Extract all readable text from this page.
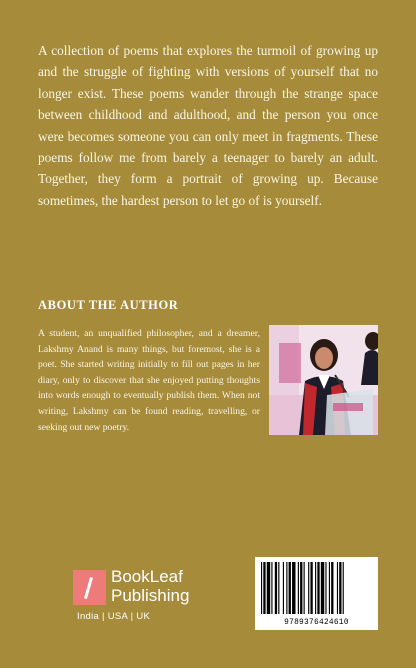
A collection of poems that explores the turmoil of growing up and the struggle of fighting with versions of yourself that no longer exist. These poems wander through the strange space between childhood and adulthood, and the person you once were becomes someone you can only meet in fragments. These poems follow me from barely a teenager to barely an adult. Together, they form a portrait of growing up. Because sometimes, the hardest person to let go of is yourself.

ABOUT THE AUTHOR

A student, an unqualified philosopher, and a dreamer, Lakshmy Anand is many things, but foremost, she is a poet. She started writing initially to fill out pages in her diary, only to discover that she enjoyed putting thoughts into words enough to eventually publish them. When not writing, Lakshmy can be found reading, travelling, or seeking out new poetry.

BookLeaf
Publishing
India | USA | UK
9789376424610
